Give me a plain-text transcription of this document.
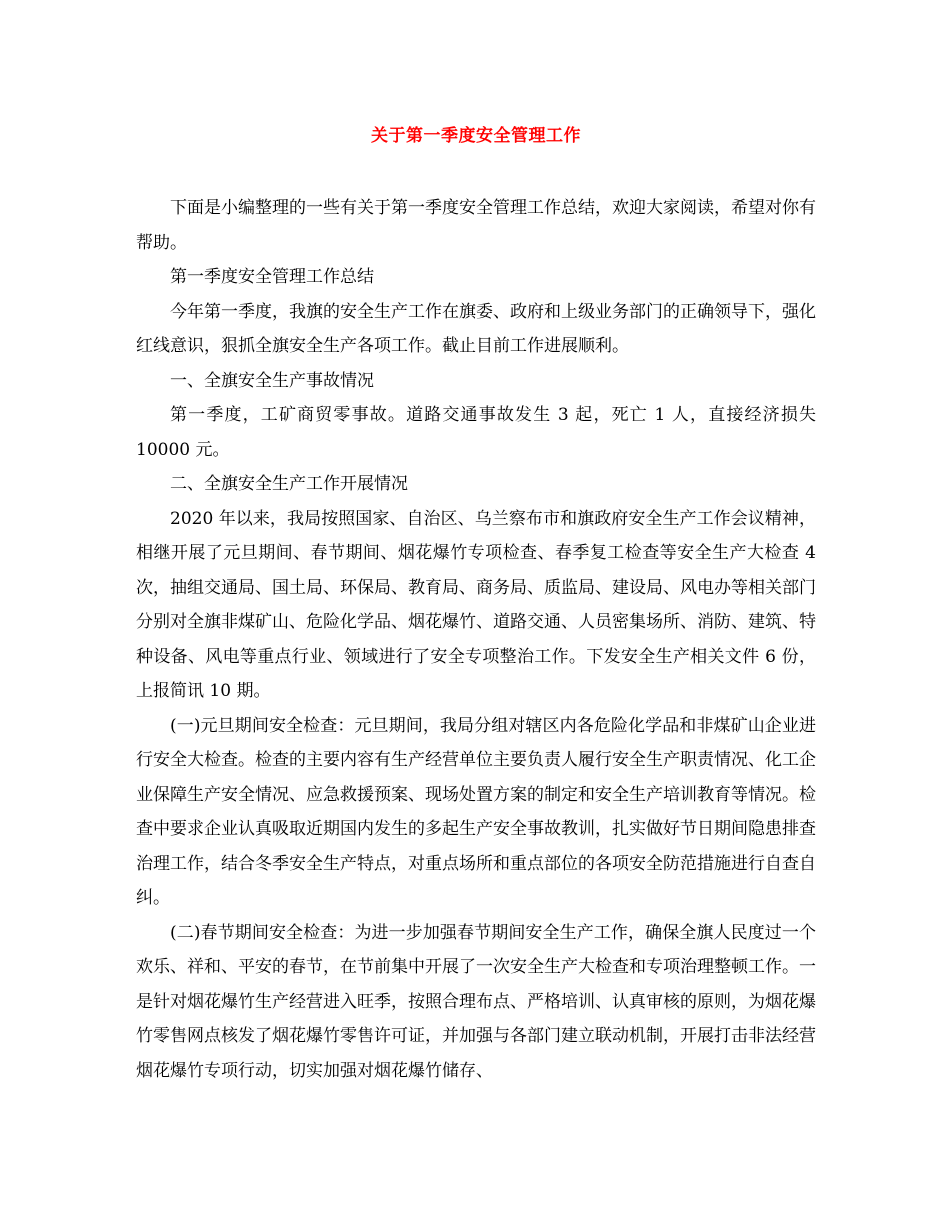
关于第一季度安全管理工作

下面是小编整理的一些有关于第一季度安全管理工作总结，欢迎大家阅读，希望对你有帮助。

第一季度安全管理工作总结

今年第一季度，我旗的安全生产工作在旗委、政府和上级业务部门的正确领导下，强化红线意识，狠抓全旗安全生产各项工作。截止目前工作进展顺利。

一、全旗安全生产事故情况

第一季度，工矿商贸零事故。道路交通事故发生 3 起，死亡 1 人，直接经济损失 10000 元。

二、全旗安全生产工作开展情况

2020 年以来，我局按照国家、自治区、乌兰察布市和旗政府安全生产工作会议精神，相继开展了元旦期间、春节期间、烟花爆竹专项检查、春季复工检查等安全生产大检查 4 次，抽组交通局、国土局、环保局、教育局、商务局、质监局、建设局、风电办等相关部门分别对全旗非煤矿山、危险化学品、烟花爆竹、道路交通、人员密集场所、消防、建筑、特种设备、风电等重点行业、领域进行了安全专项整治工作。下发安全生产相关文件 6 份，上报简讯 10 期。

(一)元旦期间安全检查：元旦期间，我局分组对辖区内各危险化学品和非煤矿山企业进行安全大检查。检查的主要内容有生产经营单位主要负责人履行安全生产职责情况、化工企业保障生产安全情况、应急救援预案、现场处置方案的制定和安全生产培训教育等情况。检查中要求企业认真吸取近期国内发生的多起生产安全事故教训，扎实做好节日期间隐患排查治理工作，结合冬季安全生产特点，对重点场所和重点部位的各项安全防范措施进行自查自纠。

(二)春节期间安全检查：为进一步加强春节期间安全生产工作，确保全旗人民度过一个欢乐、祥和、平安的春节，在节前集中开展了一次安全生产大检查和专项治理整顿工作。一是针对烟花爆竹生产经营进入旺季，按照合理布点、严格培训、认真审核的原则，为烟花爆竹零售网点核发了烟花爆竹零售许可证，并加强与各部门建立联动机制，开展打击非法经营烟花爆竹专项行动，切实加强对烟花爆竹储存、
